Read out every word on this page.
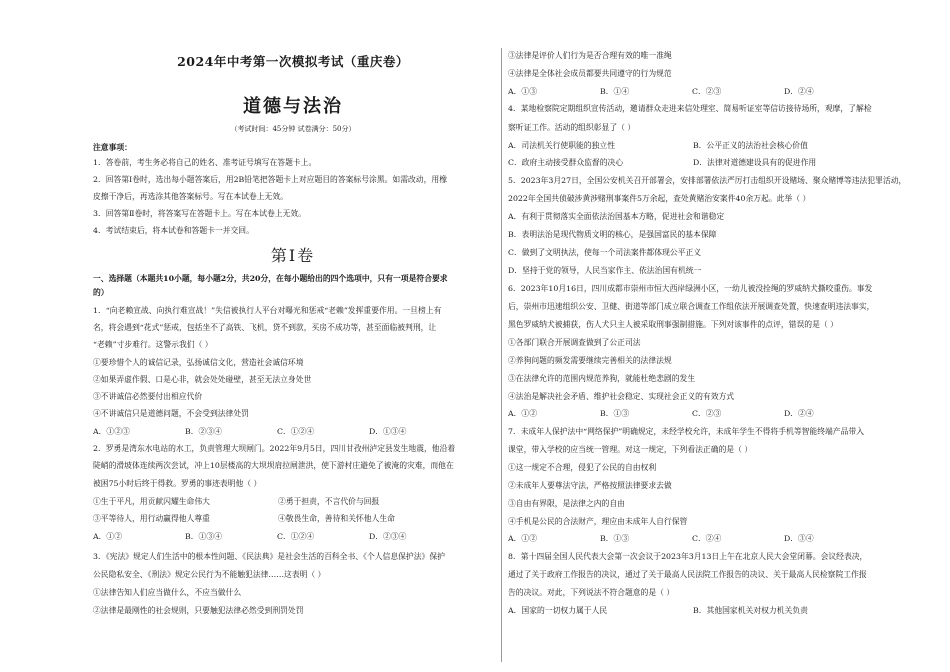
2024年中考第一次模拟考试（重庆卷）
道德与法治
（考试时间：45分钟 试卷满分：50分）
注意事项：
1．答卷前，考生务必将自己的姓名、准考证号填写在答题卡上。
2．回答第Ⅰ卷时，选出每小题答案后，用2B铅笔把答题卡上对应题目的答案标号涂黑。如需改动，用橡
皮擦干净后，再选涂其他答案标号。写在本试卷上无效。
3．回答第Ⅱ卷时，将答案写在答题卡上。写在本试卷上无效。
4．考试结束后，将本试卷和答题卡一并交回。
第Ⅰ卷
一、选择题（本题共10小题，每小题2分，共20分，在每小题给出的四个选项中，只有一项是符合要求
的）
1．“向老赖宣战、向执行难宣战！”失信被执行人平台对曝光和惩戒“老赖”发挥重要作用。一旦榜上有
名，将会遇到“花式”惩戒，包括坐不了高铁、飞机，贷不到款，买房不成功等，甚至面临被判刑，让
“老赖”寸步难行。这警示我们（ ）
①要珍惜个人的诚信记录，弘扬诚信文化，营造社会诚信环境
②如果弄虚作假、口是心非，就会处处碰壁，甚至无法立身处世
③不讲诚信必然要付出相应代价
④不讲诚信只是道德问题，不会受到法律处罚
A．①②③	B．②③④	C．①②④	D．①③④
2．罗勇是湾东水电站的水工，负责管理大坝闸门。2022年9月5日，四川甘孜州泸定县发生地震，他沿着
陡峭的滑坡体连续两次尝试，冲上10层楼高的大坝坝肩拉闸泄洪，使下游村庄避免了被淹的灾难，而他在
被困75小时后终于得救。罗勇的事迹表明他（ ）
①生于平凡，用贡献闪耀生命伟大	②勇于担责，不言代价与回报
③平等待人，用行动赢得他人尊重	④敬畏生命，善待和关怀他人生命
A．①②	B．①③④	C．①②④	D．②③④
3．《宪法》规定人们生活中的根本性问题、《民法典》是社会生活的百科全书、《个人信息保护法》保护
公民隐私安全、《刑法》规定公民行为不能触犯法律……这表明（ ）
①法律告知人们应当做什么，不应当做什么
②法律是最刚性的社会规则，只要触犯法律必然受到刑罚处罚
③法律是评价人们行为是否合理有效的唯一准绳
④法律是全体社会成员都要共同遵守的行为规范
A．①③	B．①④	C．②③	D．②④
4．某地检察院定期组织宣传活动，邀请群众走进来信处理室、简易听证室等信访接待场所，观摩，了解检
察听证工作。活动的组织彰显了（ ）
A．司法机关行使职能的独立性	B．公平正义的法治社会核心价值
C．政府主动接受群众监督的决心	D．法律对道德建设具有的促进作用
5．2023年3月27日，全国公安机关召开部署会，安排部署依法严厉打击组织开设赌场、聚众赌博等违法犯罪活动，
2022年全国共侦破涉黄涉赌刑事案件5万余起，查处黄赌治安案件40余万起。此举（ ）
A．有利于贯彻落实全面依法治国基本方略，促进社会和谐稳定
B．表明法治是现代物质文明的核心，是强国富民的基本保障
C．做到了文明执法，使每一个司法案件都体现公平正义
D．坚持于党的领导，人民当家作主、依法治国有机统一
6．2023年10月16日，四川成都市崇州市恒大西岸绿洲小区，一幼儿被没拴绳的罗威纳犬撕咬重伤。事发
后，崇州市迅速组织公安、卫健、街道等部门成立联合调查工作组依法开展调查处置，快速查明违法事实，
黑色罗威纳犬被捕获，伤人犬只主人被采取刑事强制措施。下列对该事件的点评，错误的是（ ）
①各部门联合开展调查做到了公正司法
②养狗问题的频发需要继续完善相关的法律法规
③在法律允许的范围内规范养狗，就能杜绝悲剧的发生
④法治是解决社会矛盾、维护社会稳定、实现社会正义的有效方式
A．①②	B．①③	C．②③	D．②④
7．未成年人保护法中“网络保护”明确规定，未经学校允许，未成年学生不得将手机等智能终端产品带入
课堂，带入学校的应当统一管理。对这一规定，下列看法正确的是（ ）
①这一规定不合理，侵犯了公民的自由权利
②未成年人要尊法守法，严格按照法律要求去做
③自由有界限，是法律之内的自由
④手机是公民的合法财产，理应由未成年人自行保管
A．①②	B．①③	C．②④	D．③④
8．第十四届全国人民代表大会第一次会议于2023年3月13日上午在北京人民大会堂闭幕。会议经表决，
通过了关于政府工作报告的决议，通过了关于最高人民法院工作报告的决议、关于最高人民检察院工作报
告的决议。对此，下列说法不符合题意的是（ ）
A．国家的一切权力属于人民	B．其他国家机关对权力机关负责
